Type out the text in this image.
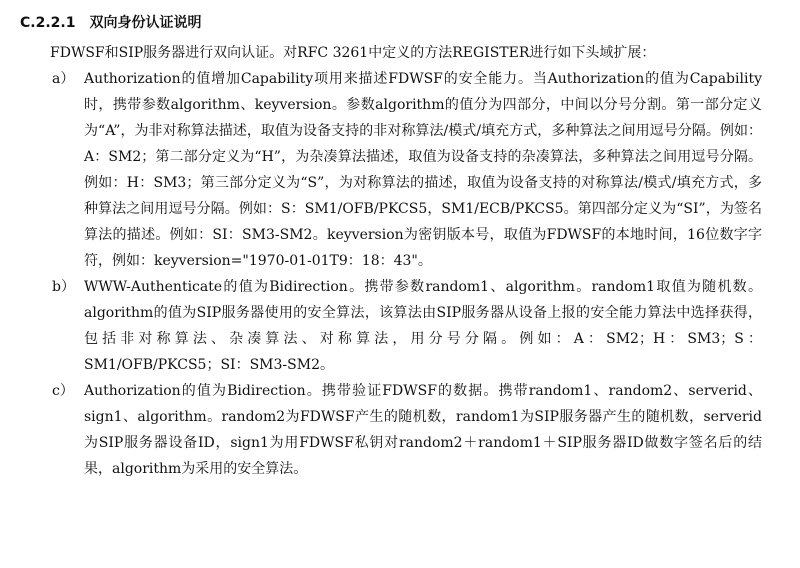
C.2.2.1 双向身份认证说明

FDWSF和SIP服务器进行双向认证。对RFC 3261中定义的方法REGISTER进行如下头域扩展：

a） Authorization的值增加Capability项用来描述FDWSF的安全能力。当Authorization的值为Capability时，携带参数algorithm、keyversion。参数algorithm的值分为四部分，中间以分号分割。第一部分定义为“A”，为非对称算法描述，取值为设备支持的非对称算法/模式/填充方式，多种算法之间用逗号分隔。例如：A：SM2；第二部分定义为“H”，为杂凑算法描述，取值为设备支持的杂凑算法，多种算法之间用逗号分隔。例如：H：SM3；第三部分定义为“S”，为对称算法的描述，取值为设备支持的对称算法/模式/填充方式，多种算法之间用逗号分隔。例如：S：SM1/OFB/PKCS5，SM1/ECB/PKCS5。第四部分定义为“SI”，为签名算法的描述。例如：SI：SM3-SM2。keyversion为密钥版本号，取值为FDWSF的本地时间，16位数字字符，例如：keyversion="1970-01-01T9：18：43"。
b） WWW-Authenticate的值为Bidirection。携带参数random1、algorithm。random1取值为随机数。algorithm的值为SIP服务器使用的安全算法，该算法由SIP服务器从设备上报的安全能力算法中选择获得，包括非对称算法、杂凑算法、对称算法，用分号分隔。例如：A：SM2；H：SM3；S：SM1/OFB/PKCS5；SI：SM3-SM2。
c） Authorization的值为Bidirection。携带验证FDWSF的数据。携带random1、random2、serverid、sign1、algorithm。random2为FDWSF产生的随机数，random1为SIP服务器产生的随机数，serverid为SIP服务器设备ID，sign1为用FDWSF私钥对random2＋random1＋SIP服务器ID做数字签名后的结果，algorithm为采用的安全算法。
